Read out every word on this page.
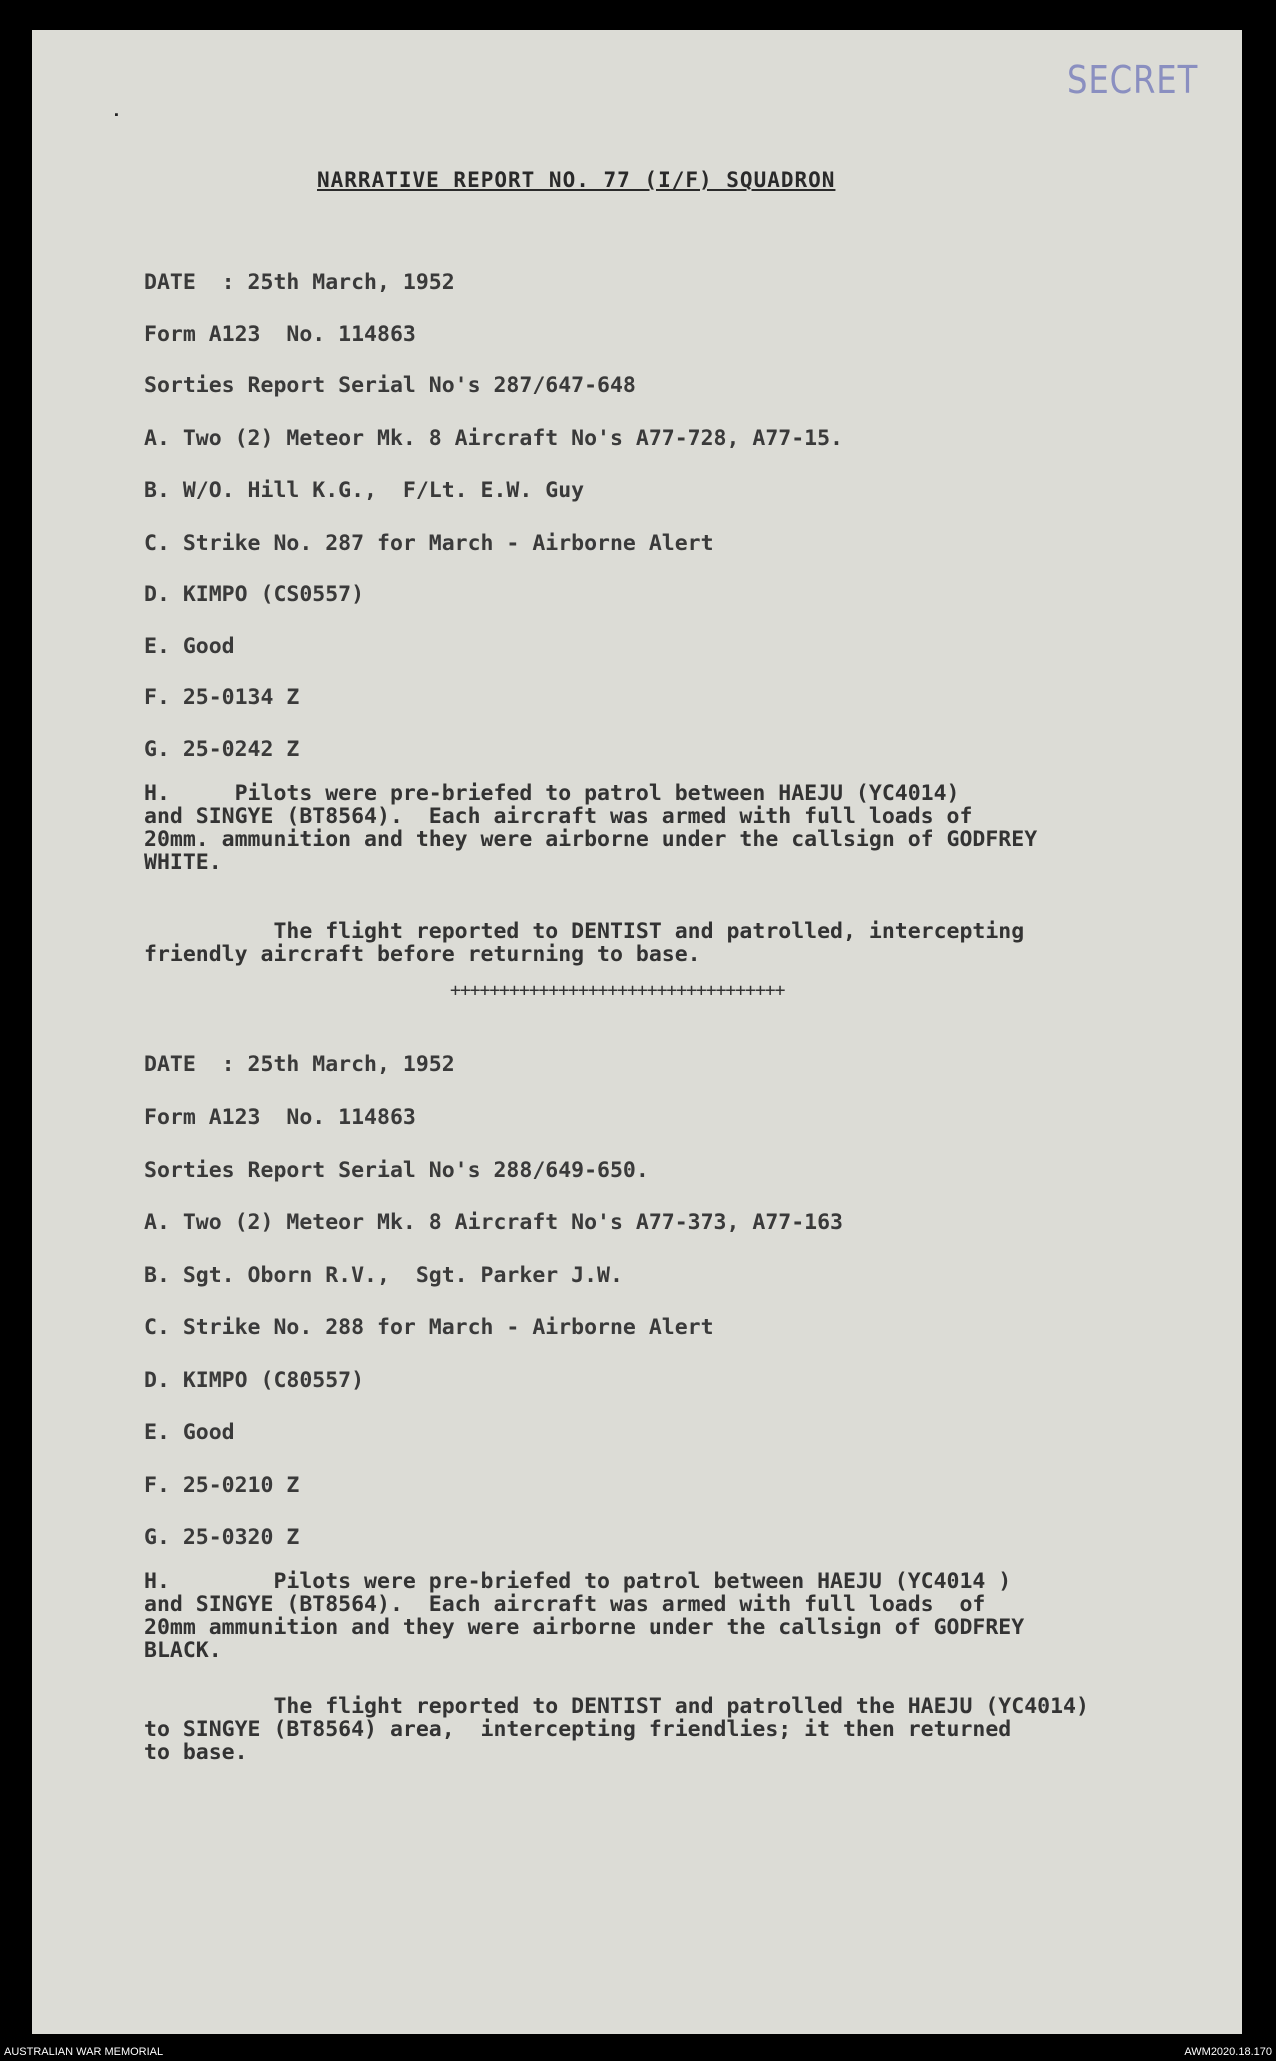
SECRET
˙
NARRATIVE REPORT NO. 77 (I/F) SQUADRON
DATE  : 25th March, 1952
Form A123  No. 114863
Sorties Report Serial No's 287/647-648
A. Two (2) Meteor Mk. 8 Aircraft No's A77-728, A77-15.
B. W/O. Hill K.G.,  F/Lt. E.W. Guy
C. Strike No. 287 for March - Airborne Alert
D. KIMPO (CS0557)
E. Good
F. 25-0134 Z
G. 25-0242 Z
H.     Pilots were pre-briefed to patrol between HAEJU (YC4014)
and SINGYE (BT8564).  Each aircraft was armed with full loads of
20mm. ammunition and they were airborne under the callsign of GODFREY
WHITE.
The flight reported to DENTIST and patrolled, intercepting
friendly aircraft before returning to base.
++++++++++++++++++++++++++++++++++
DATE  : 25th March, 1952
Form A123  No. 114863
Sorties Report Serial No's 288/649-650.
A. Two (2) Meteor Mk. 8 Aircraft No's A77-373, A77-163
B. Sgt. Oborn R.V.,  Sgt. Parker J.W.
C. Strike No. 288 for March - Airborne Alert
D. KIMPO (C80557)
E. Good
F. 25-0210 Z
G. 25-0320 Z
H.        Pilots were pre-briefed to patrol between HAEJU (YC4014 )
and SINGYE (BT8564).  Each aircraft was armed with full loads  of
20mm ammunition and they were airborne under the callsign of GODFREY
BLACK.
The flight reported to DENTIST and patrolled the HAEJU (YC4014)
to SINGYE (BT8564) area,  intercepting friendlies; it then returned
to base.
AUSTRALIAN WAR MEMORIAL	AWM2020.18.170
